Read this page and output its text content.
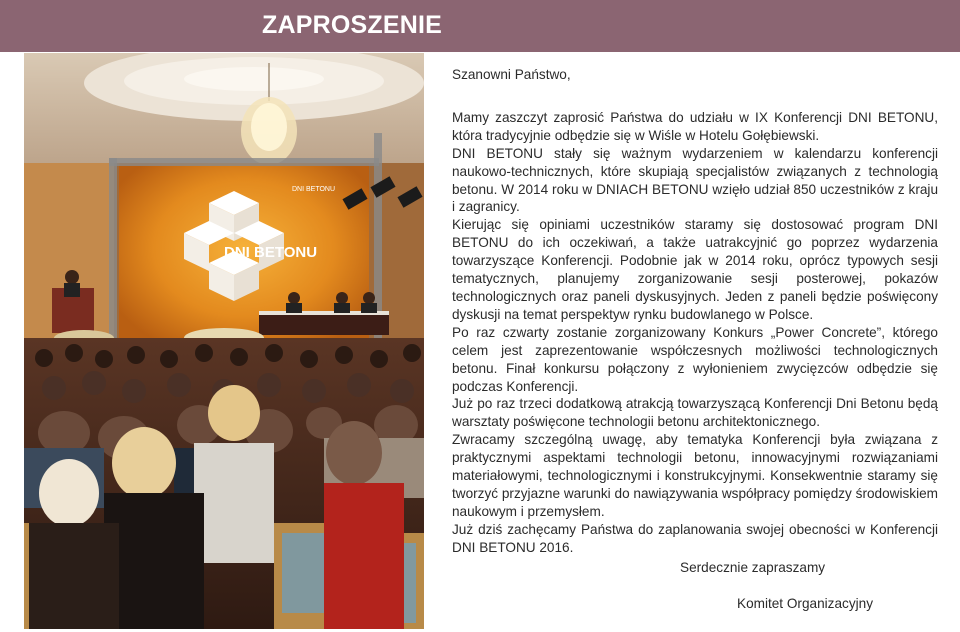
ZAPROSZENIE
DNI BETONU
DNI BETONU

Szanowni Państwo,

Mamy zaszczyt zaprosić Państwa do udziału w IX Konferencji DNI BETONU, która tradycyjnie odbędzie się w Wiśle w Hotelu Gołębiewski.

DNI BETONU stały się ważnym wydarzeniem w kalendarzu konferencji naukowo-technicznych, które skupiają specjalistów związanych z technologią betonu. W 2014 roku w DNIACH BETONU wzięło udział 850 uczestników z kraju i zagranicy.

Kierując się opiniami uczestników staramy się dostosować program DNI BETONU do ich oczekiwań, a także uatrakcyjnić go poprzez wydarzenia towarzyszące Konferencji. Podobnie jak w 2014 roku, oprócz typowych sesji tematycznych, planujemy zorganizowanie sesji posterowej, pokazów technologicznych oraz paneli dyskusyjnych. Jeden z paneli będzie poświęcony dyskusji na temat perspektyw rynku budowlanego w Polsce.

Po raz czwarty zostanie zorganizowany Konkurs „Power Concrete”, którego celem jest zaprezentowanie współczesnych możliwości technologicznych betonu. Finał konkursu połączony z wyłonieniem zwycięzców odbędzie się podczas Konferencji.

Już po raz trzeci dodatkową atrakcją towarzyszącą Konferencji Dni Betonu będą warsztaty poświęcone technologii betonu architektonicznego.

Zwracamy szczególną uwagę, aby tematyka Konferencji była związana z praktycznymi aspektami technologii betonu, innowacyjnymi rozwiązaniami materiałowymi, technologicznymi i konstrukcyjnymi. Konsekwentnie staramy się tworzyć przyjazne warunki do nawiązywania współpracy pomiędzy środowiskiem naukowym i przemysłem.

Już dziś zachęcamy Państwa do zaplanowania swojej obecności w Konferencji DNI BETONU 2016.

Serdecznie zapraszamy
Komitet Organizacyjny
